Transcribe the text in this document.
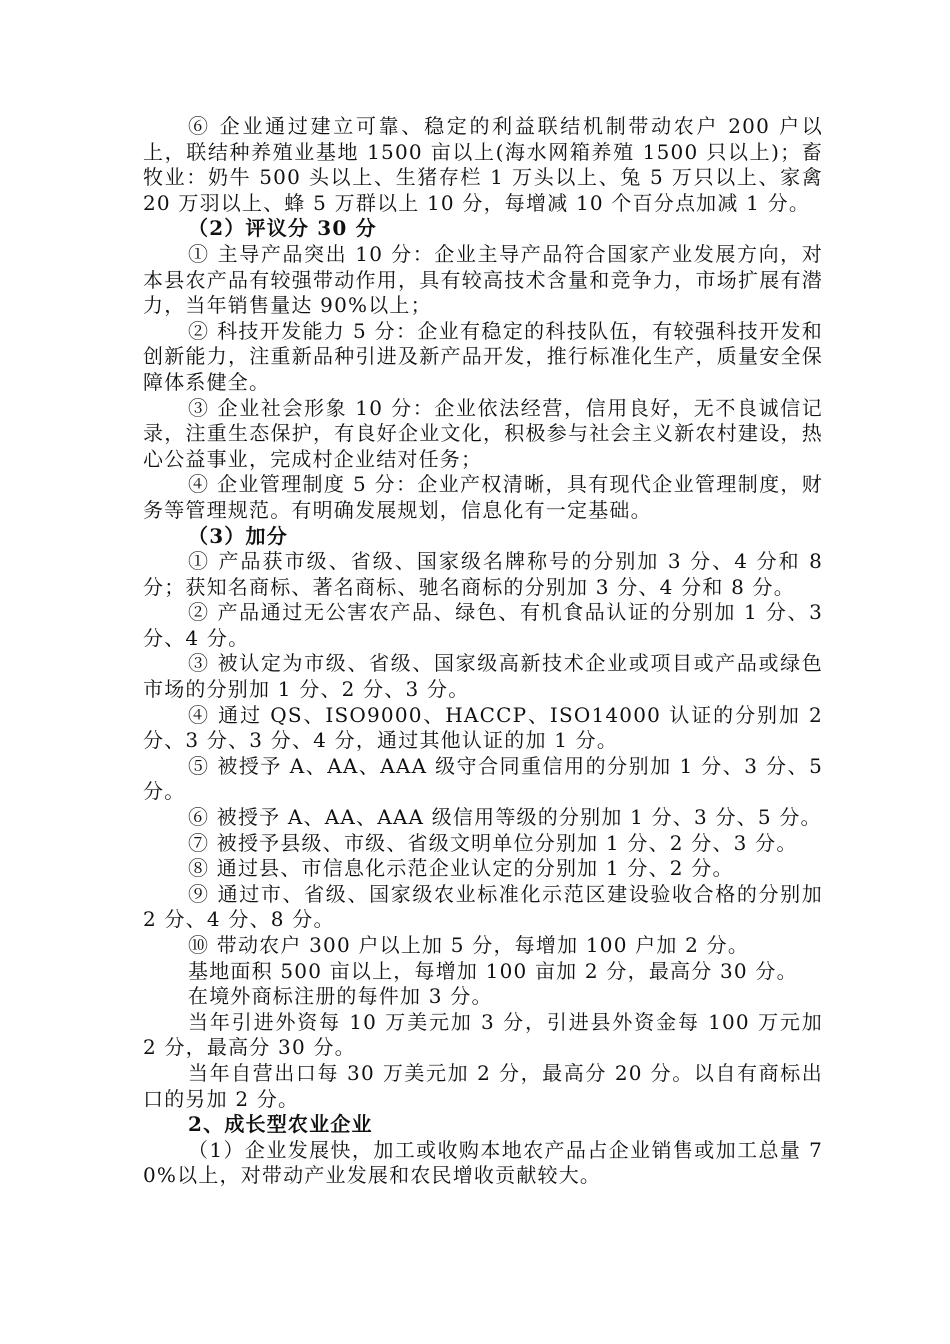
⑥ 企业通过建立可靠、稳定的利益联结机制带动农户 200 户以上，联结种养殖业基地 1500 亩以上(海水网箱养殖 1500 只以上)；畜牧业：奶牛 500 头以上、生猪存栏 1 万头以上、兔 5 万只以上、家禽 20 万羽以上、蜂 5 万群以上 10 分，每增减 10 个百分点加减 1 分。

（2）评议分 30 分

① 主导产品突出 10 分：企业主导产品符合国家产业发展方向，对本县农产品有较强带动作用，具有较高技术含量和竞争力，市场扩展有潜力，当年销售量达 90%以上；

② 科技开发能力 5 分：企业有稳定的科技队伍，有较强科技开发和创新能力，注重新品种引进及新产品开发，推行标准化生产，质量安全保障体系健全。

③ 企业社会形象 10 分：企业依法经营，信用良好，无不良诚信记录，注重生态保护，有良好企业文化，积极参与社会主义新农村建设，热心公益事业，完成村企业结对任务；

④ 企业管理制度 5 分：企业产权清晰，具有现代企业管理制度，财务等管理规范。有明确发展规划，信息化有一定基础。

（3）加分

① 产品获市级、省级、国家级名牌称号的分别加 3 分、4 分和 8 分；获知名商标、著名商标、驰名商标的分别加 3 分、4 分和 8 分。

② 产品通过无公害农产品、绿色、有机食品认证的分别加 1 分、3 分、4 分。

③ 被认定为市级、省级、国家级高新技术企业或项目或产品或绿色市场的分别加 1 分、2 分、3 分。

④ 通过 QS、ISO9000、HACCP、ISO14000 认证的分别加 2 分、3 分、3 分、4 分，通过其他认证的加 1 分。

⑤ 被授予 A、AA、AAA 级守合同重信用的分别加 1 分、3 分、5 分。

⑥ 被授予 A、AA、AAA 级信用等级的分别加 1 分、3 分、5 分。

⑦ 被授予县级、市级、省级文明单位分别加 1 分、2 分、3 分。

⑧ 通过县、市信息化示范企业认定的分别加 1 分、2 分。

⑨ 通过市、省级、国家级农业标准化示范区建设验收合格的分别加 2 分、4 分、8 分。

⑩ 带动农户 300 户以上加 5 分，每增加 100 户加 2 分。

基地面积 500 亩以上，每增加 100 亩加 2 分，最高分 30 分。

在境外商标注册的每件加 3 分。

当年引进外资每 10 万美元加 3 分，引进县外资金每 100 万元加 2 分，最高分 30 分。

当年自营出口每 30 万美元加 2 分，最高分 20 分。以自有商标出口的另加 2 分。

2、成长型农业企业

（1）企业发展快，加工或收购本地农产品占企业销售或加工总量 70%以上，对带动产业发展和农民增收贡献较大。
